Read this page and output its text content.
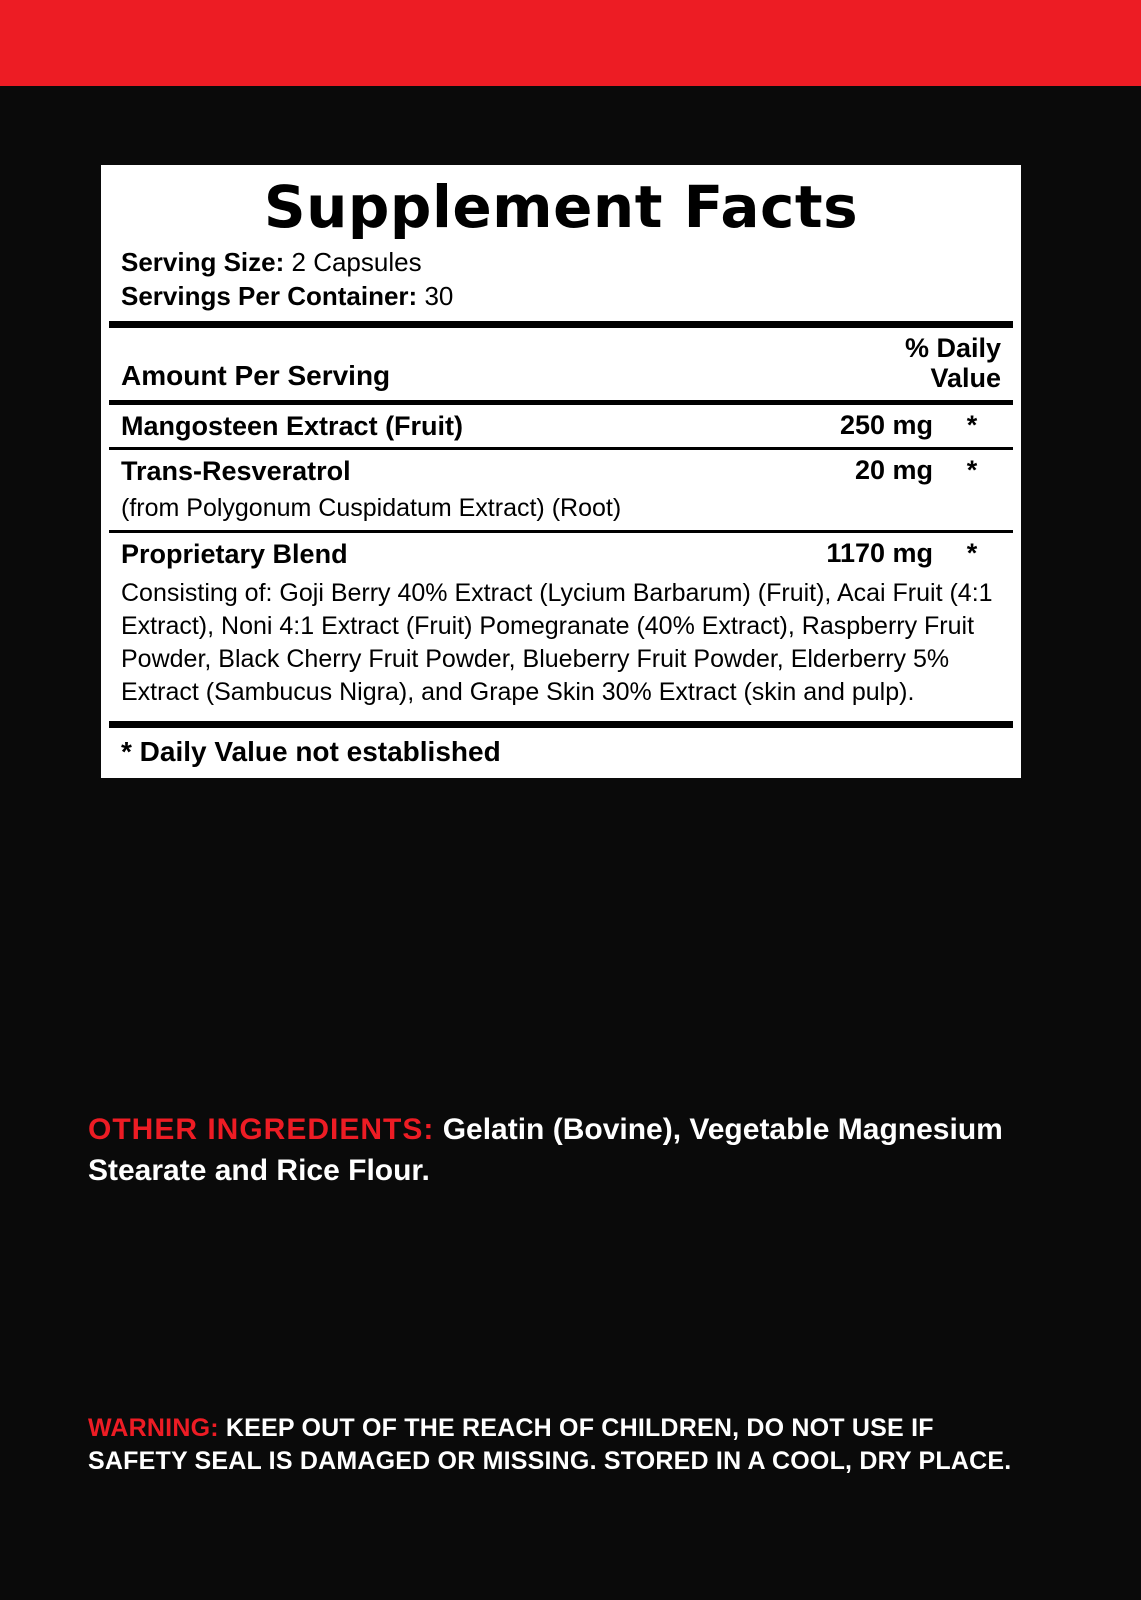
Supplement Facts
Serving Size: 2 Capsules
Servings Per Container: 30
Amount Per Serving
% Daily
Value
Mangosteen Extract (Fruit)	250 mg	*
Trans-Resveratrol	20 mg	*
(from Polygonum Cuspidatum Extract) (Root)
Proprietary Blend	1170 mg	*
Consisting of: Goji Berry 40% Extract (Lycium Barbarum) (Fruit), Acai Fruit (4:1 Extract), Noni 4:1 Extract (Fruit) Pomegranate (40% Extract), Raspberry Fruit Powder, Black Cherry Fruit Powder, Blueberry Fruit Powder, Elderberry 5% Extract (Sambucus Nigra), and Grape Skin 30% Extract (skin and pulp).
* Daily Value not established
OTHER INGREDIENTS: Gelatin (Bovine), Vegetable Magnesium Stearate and Rice Flour.
WARNING: KEEP OUT OF THE REACH OF CHILDREN, DO NOT USE IF SAFETY SEAL IS DAMAGED OR MISSING. STORED IN A COOL, DRY PLACE.
